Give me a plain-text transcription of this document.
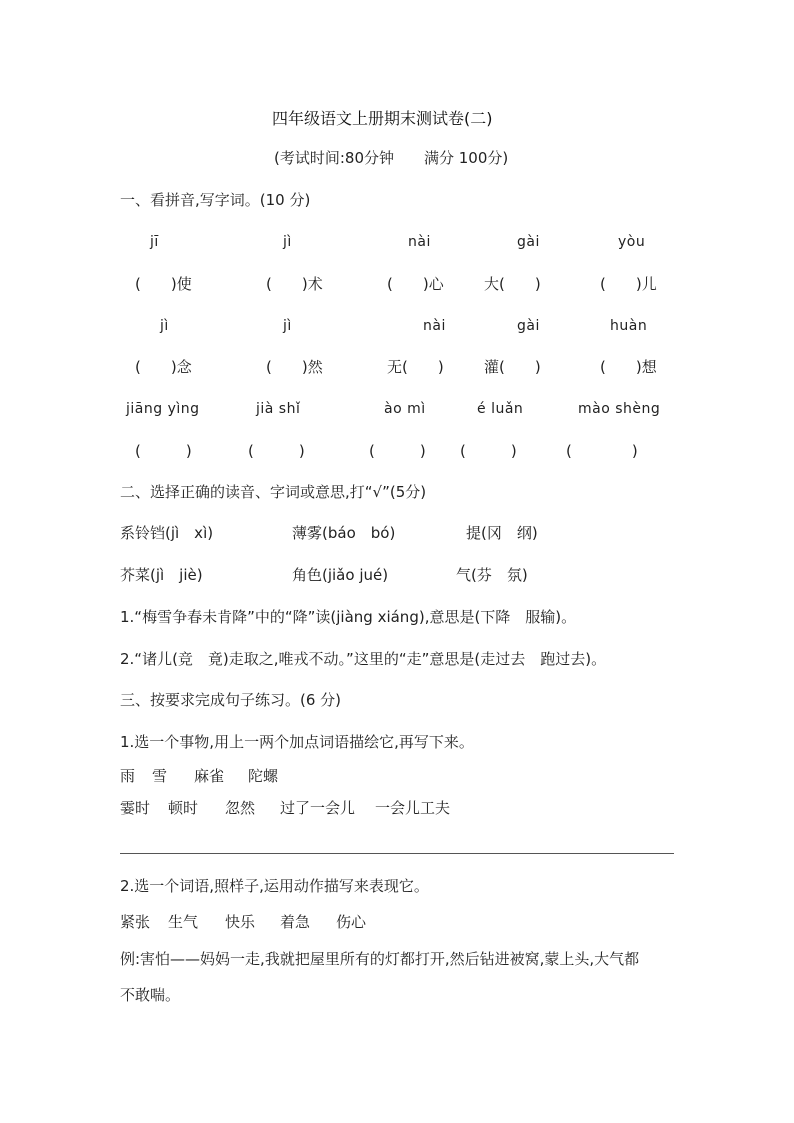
四年级语文上册期末测试卷(二)
(考试时间:80分钟　　满分 100分)
一、看拼音,写字词。(10 分)
jī	jì	nài	gài	yòu
(　　)使	(　　)术	(　　)心	大(　　)	(　　)儿
jì	jì	nài	gài	huàn
(　　)念	(　　)然	无(　　)	灌(　　)	(　　)想
jiāng yìng	jià shǐ	ào mì	é luǎn	mào shèng
(　　　)	(　　　)	(　　　) (　　　)	(　　　　)
二、选择正确的读音、字词或意思,打“√”(5分)
系铃铛(jì　xì)	薄雾(báo　bó)	提(冈　纲)
芥菜(jì　jiè)	角色(jiǎo jué)	气(芬　氛)
1.“梅雪争春未肯降”中的“降”读(jiàng xiáng),意思是(下降　服输)。
2.“诸儿(竞　竟)走取之,唯戎不动。”这里的“走”意思是(走过去　跑过去)。
三、按要求完成句子练习。(6 分)
1.选一个事物,用上一两个加点词语描绘它,再写下来。
雨 雪 麻雀 陀螺
霎时 顿时 忽然 过了一会儿 一会儿工夫
2.选一个词语,照样子,运用动作描写来表现它。
紧张 生气 快乐 着急 伤心
例:害怕——妈妈一走,我就把屋里所有的灯都打开,然后钻进被窝,蒙上头,大气都
不敢喘。
